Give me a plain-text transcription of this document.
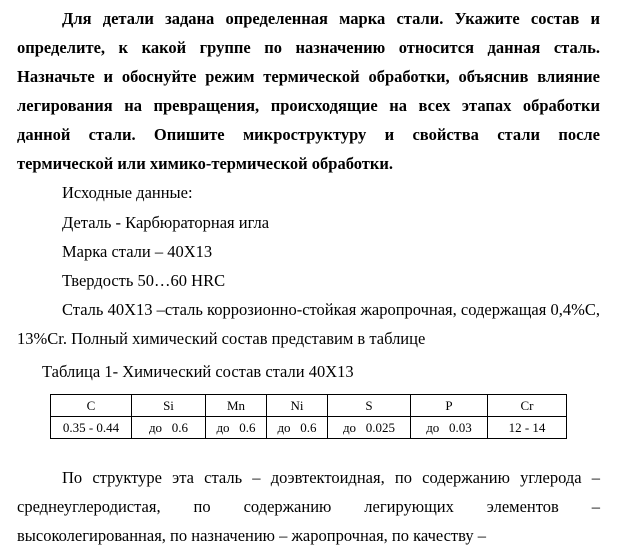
Для детали задана определенная марка стали. Укажите состав и определите, к какой группе по назначению относится данная сталь. Назначьте и обоснуйте режим термической обработки, объяснив влияние легирования на превращения, происходящие на всех этапах обработки данной стали. Опишите микроструктуру и свойства стали после термической или химико-термической обработки.

Исходные данные:

Деталь - Карбюраторная игла

Марка стали – 40Х13

Твердость 50…60 HRC

Сталь 40Х13 –сталь коррозионно-стойкая жаропрочная, содержащая 0,4%С, 13%Cr. Полный химический состав представим в таблице

Таблица 1- Химический состав стали 40Х13

C	Si	Mn	Ni	S	P	Cr
0.35 - 0.44	до   0.6	до   0.6	до   0.6	до   0.025	до   0.03	12 - 14

По структуре эта сталь – доэвтектоидная, по содержанию углерода – среднеуглеродистая, по содержанию легирующих элементов – высоколегированная, по назначению – жаропрочная, по качеству –
